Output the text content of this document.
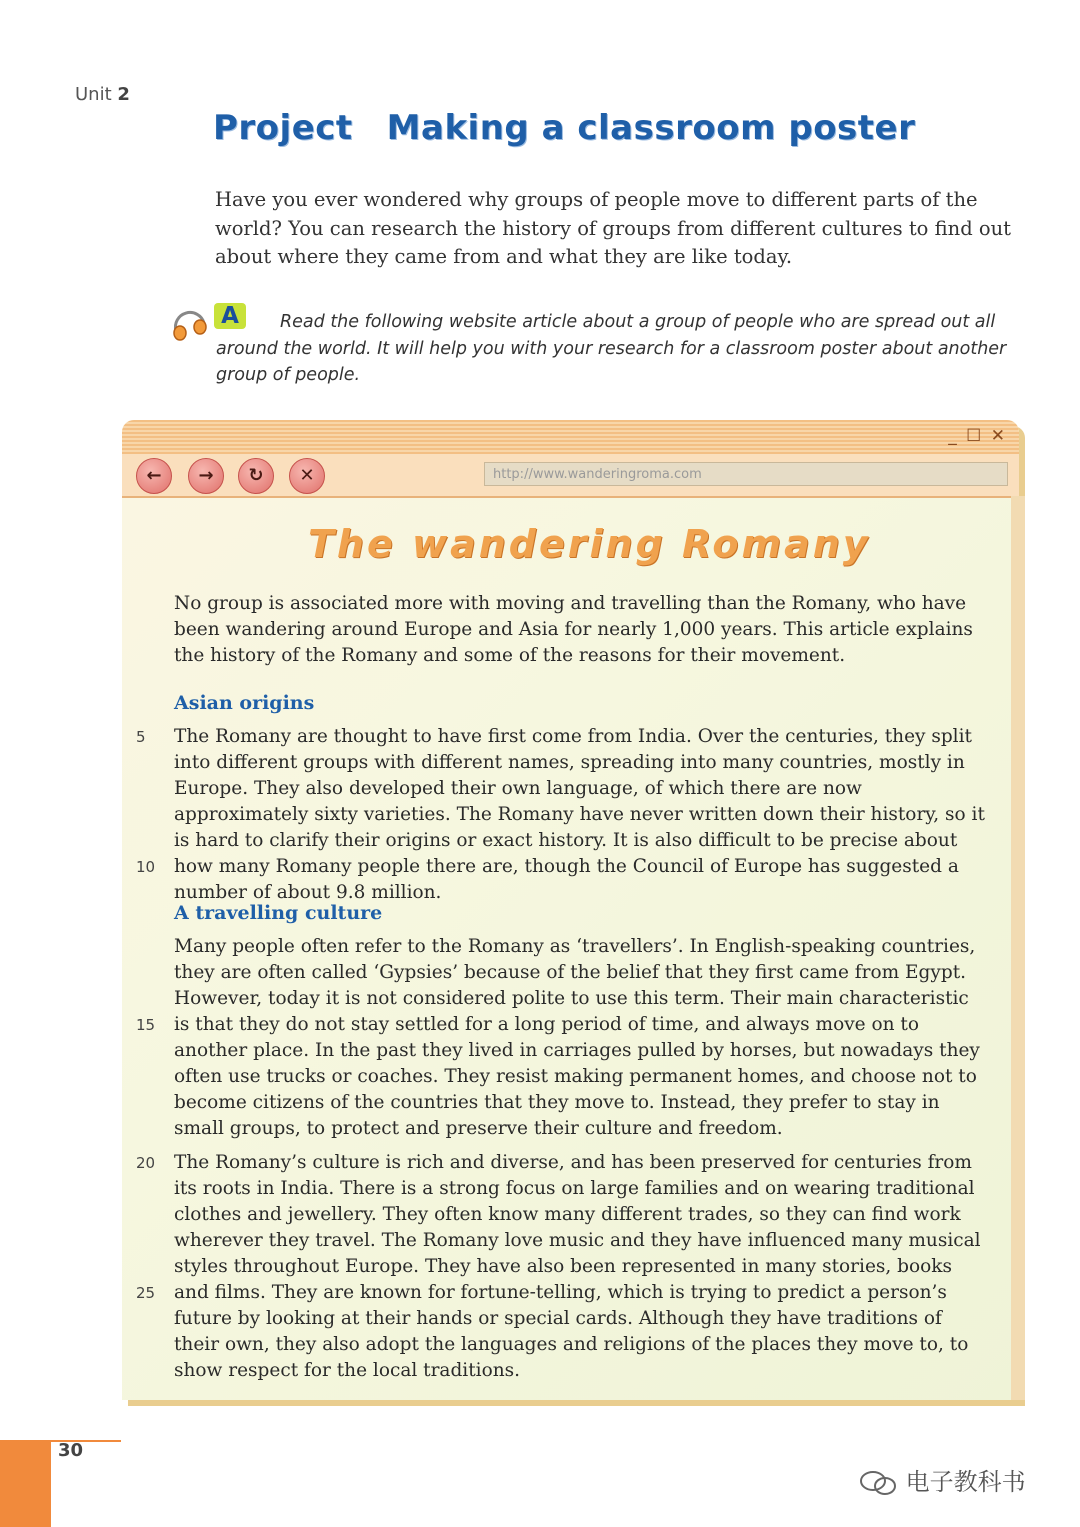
Unit 2
Project Making a classroom poster
Have you ever wondered why groups of people move to different parts of the world? You can research the history of groups from different cultures to find out about where they came from and what they are like today.
A	Read the following website article about a group of people who are spread out all around the world. It will help you with your research for a classroom poster about another group of people.
_ ☐ ✕
←	→	↻	✕	http://www.wanderingroma.com
The wandering Romany
No group is associated more with moving and travelling than the Romany, who have been wandering around Europe and Asia for nearly 1,000 years. This article explains the history of the Romany and some of the reasons for their movement.
Asian origins
5 The Romany are thought to have first come from India. Over the centuries, they split into different groups with different names, spreading into many countries, mostly in Europe. They also developed their own language, of which there are now approximately sixty varieties. The Romany have never written down their history, so it is hard to clarify their origins or exact history. It is also difficult to be precise about how many Romany people there are, though the Council of Europe has suggested a number of about 9.8 million.
10
A travelling culture
Many people often refer to the Romany as ‘travellers’. In English-speaking countries, they are often called ‘Gypsies’ because of the belief that they first came from Egypt. However, today it is not considered polite to use this term. Their main characteristic is that they do not stay settled for a long period of time, and always move on to another place. In the past they lived in carriages pulled by horses, but nowadays they often use trucks or coaches. They resist making permanent homes, and choose not to become citizens of the countries that they move to. Instead, they prefer to stay in small groups, to protect and preserve their culture and freedom.
15
20 The Romany’s culture is rich and diverse, and has been preserved for centuries from its roots in India. There is a strong focus on large families and on wearing traditional clothes and jewellery. They often know many different trades, so they can find work wherever they travel. The Romany love music and they have influenced many musical styles throughout Europe. They have also been represented in many stories, books and films. They are known for fortune-telling, which is trying to predict a person’s future by looking at their hands or special cards. Although they have traditions of their own, they also adopt the languages and religions of the places they move to, to show respect for the local traditions.
25
30
电子教科书
